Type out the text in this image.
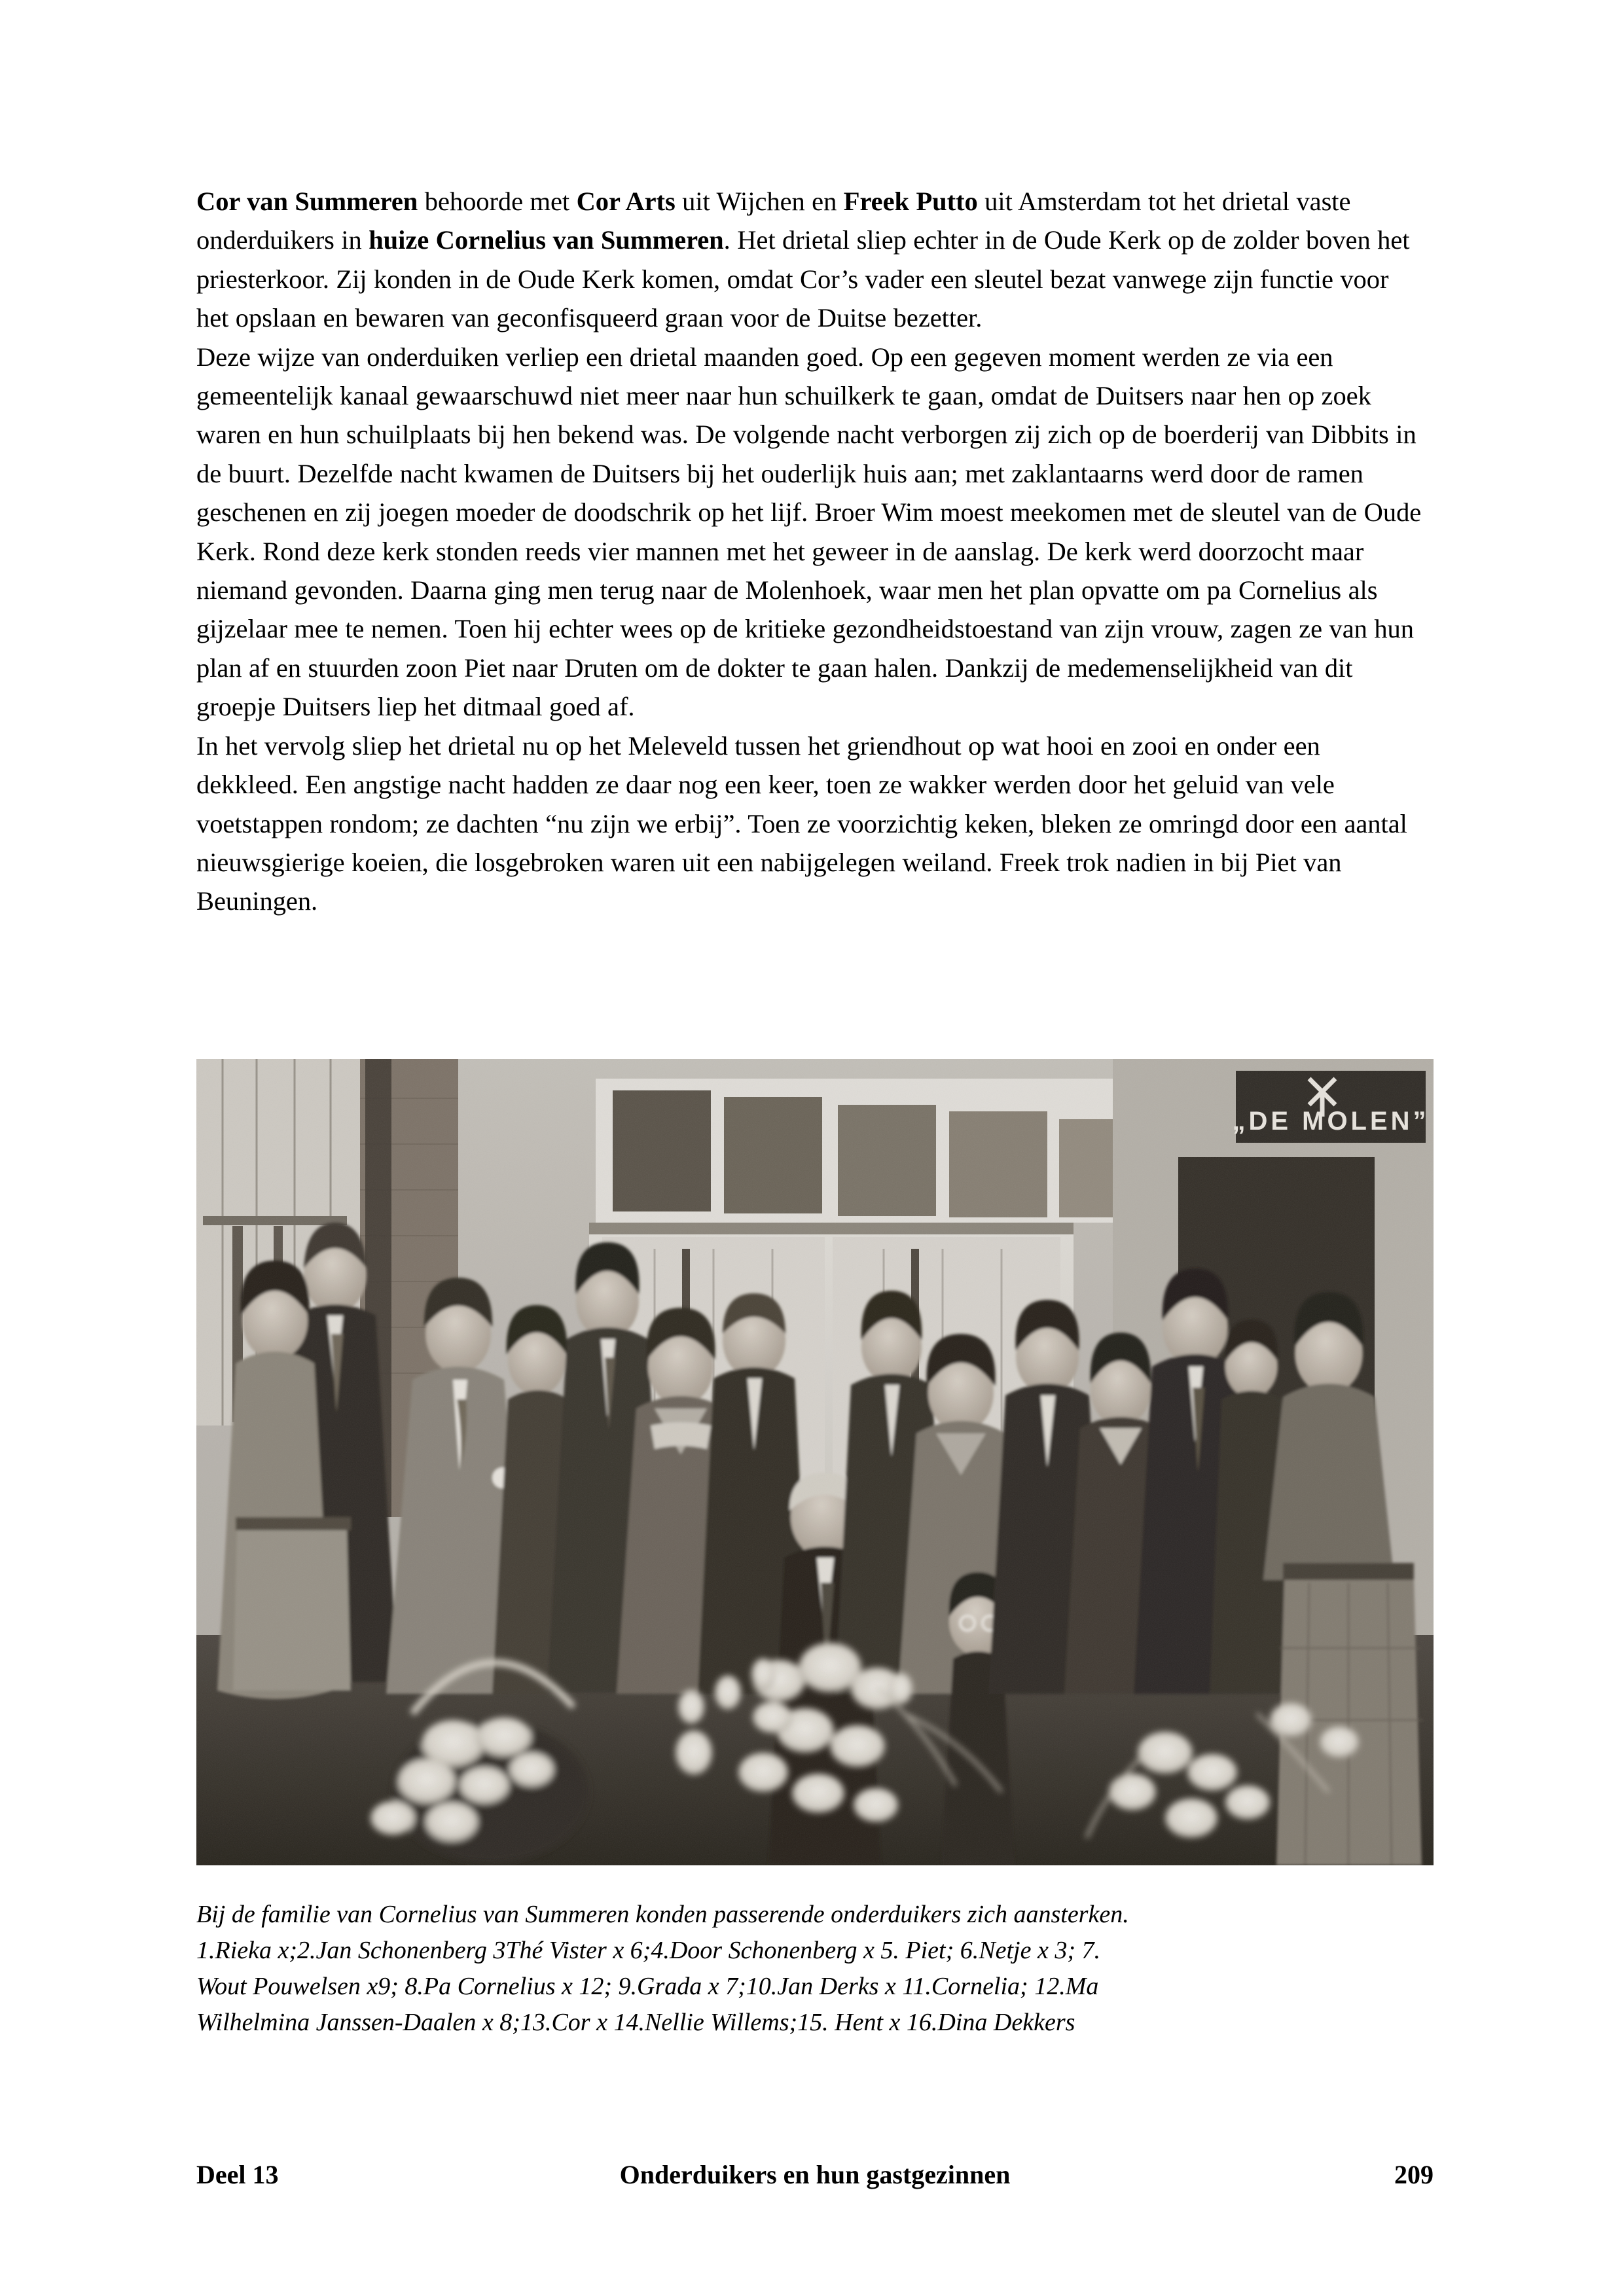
Cor van Summeren behoorde met Cor Arts uit Wijchen en Freek Putto uit Amsterdam tot het drietal vaste onderduikers in huize Cornelius van Summeren. Het drietal sliep echter in de Oude Kerk op de zolder boven het priesterkoor. Zij konden in de Oude Kerk komen, omdat Cor’s vader een sleutel bezat vanwege zijn functie voor het opslaan en bewaren van geconfisqueerd graan voor de Duitse bezetter.

Deze wijze van onderduiken verliep een drietal maanden goed. Op een gegeven moment werden ze via een gemeentelijk kanaal gewaarschuwd niet meer naar hun schuilkerk te gaan, omdat de Duitsers naar hen op zoek waren en hun schuilplaats bij hen bekend was. De volgende nacht verborgen zij zich op de boerderij van Dibbits in de buurt. Dezelfde nacht kwamen de Duitsers bij het ouderlijk huis aan; met zaklantaarns werd door de ramen geschenen en zij joegen moeder de doodschrik op het lijf. Broer Wim moest meekomen met de sleutel van de Oude Kerk. Rond deze kerk stonden reeds vier mannen met het geweer in de aanslag. De kerk werd doorzocht maar niemand gevonden. Daarna ging men terug naar de Molenhoek, waar men het plan opvatte om pa Cornelius als gijzelaar mee te nemen. Toen hij echter wees op de kritieke gezondheidstoestand van zijn vrouw, zagen ze van hun plan af en stuurden zoon Piet naar Druten om de dokter te gaan halen. Dankzij de medemenselijkheid van dit groepje Duitsers liep het ditmaal goed af.

In het vervolg sliep het drietal nu op het Meleveld tussen het griendhout op wat hooi en zooi en onder een dekkleed. Een angstige nacht hadden ze daar nog een keer, toen ze wakker werden door het geluid van vele voetstappen rondom; ze dachten “nu zijn we erbij”. Toen ze voorzichtig keken, bleken ze omringd door een aantal nieuwsgierige koeien, die losgebroken waren uit een nabijgelegen weiland. Freek trok nadien in bij Piet van Beuningen.

„DE MOLEN”

Bij de familie van Cornelius van Summeren konden passerende onderduikers zich aansterken.

1.Rieka x;2.Jan Schonenberg 3Thé Vister x 6;4.Door Schonenberg x 5. Piet; 6.Netje x 3; 7.

Wout Pouwelsen x9; 8.Pa Cornelius x 12; 9.Grada x 7;10.Jan Derks x 11.Cornelia; 12.Ma

Wilhelmina Janssen-Daalen x 8;13.Cor x 14.Nellie Willems;15. Hent x 16.Dina Dekkers

Deel 13	Onderduikers en hun gastgezinnen	209
